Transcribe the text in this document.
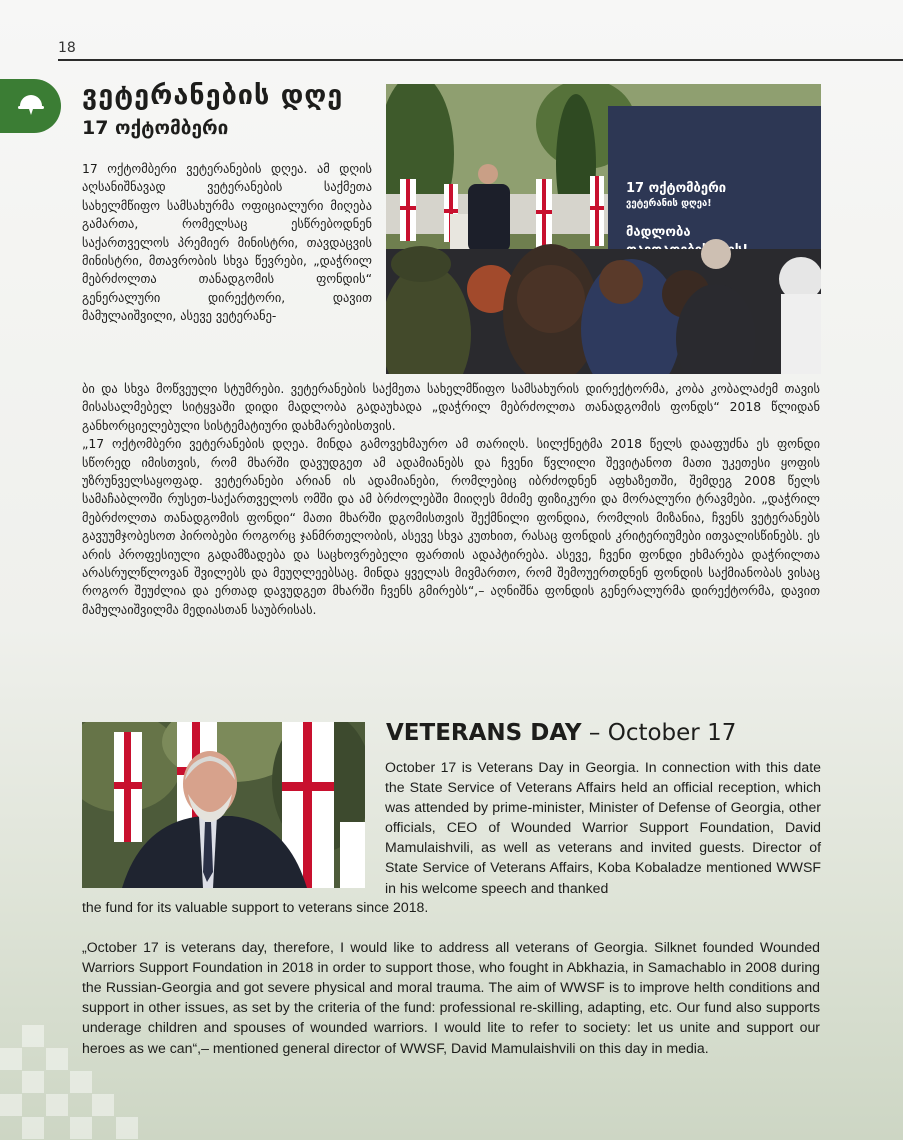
18
ვეტერანების დღე
17 ოქტომბერი
17 ოქტომბერი
ვეტერანის დღეა!
მადლობა
17 ოქტომბერი ვეტერანების დღეა. ამ დღის აღსანიშნავად ვეტერანების საქმეთა სახელმწიფო სამსახურმა ოფიციალური მიღება გამართა, რომელსაც ესწრებოდნენ საქართველოს პრემიერ მინისტრი, თავდაცვის მინისტრი, მთავრობის სხვა წევრები, „დაჭრილ მებრძოლთა თანადგომის ფონდის“ გენერალური დირექტორი, დავით მამულაიშვილი, ასევე ვეტერანე-

ბი და სხვა მოწვეული სტუმრები. ვეტერანების საქმეთა სახელმწიფო სამსახურის დირექტორმა, კობა კობალაძემ თავის მისასალმებელ სიტყვაში დიდი მადლობა გადაუხადა „დაჭრილ მებრძოლთა თანადგომის ფონდს“ 2018 წლიდან განხორციელებული სისტემატიური დახმარებისთვის.

„17 ოქტომბერი ვეტერანების დღეა. მინდა გამოვეხმაურო ამ თარიღს. სილქნეტმა 2018 წელს დააფუძნა ეს ფონდი სწორედ იმისთვის, რომ მხარში დავუდგეთ ამ ადამიანებს და ჩვენი წვლილი შევიტანოთ მათი უკეთესი ყოფის უზრუნველსაყოფად. ვეტერანები არიან ის ადამიანები, რომლებიც იბრძოდნენ აფხაზეთში, შემდეგ 2008 წელს სამაჩაბლოში რუსეთ-საქართველოს ომში და ამ ბრძოლებში მიიღეს მძიმე ფიზიკური და მორალური ტრავმები. „დაჭრილ მებრძოლთა თანადგომის ფონდი“ მათი მხარში დგომისთვის შექმნილი ფონდია, რომლის მიზანია, ჩვენს ვეტერანებს გავუუმჯობესოთ პირობები როგორც ჯანმრთელობის, ასევე სხვა კუთხით, რასაც ფონდის კრიტერიუმები ითვალისწინებს. ეს არის პროფესიული გადამზადება და საცხოვრებელი ფართის ადაპტირება. ასევე, ჩვენი ფონდი ეხმარება დაჭრილთა არასრულწლოვან შვილებს და მეუღლეებსაც. მინდა ყველას მივმართო, რომ შემოუერთდნენ ფონდის საქმიანობას ვისაც როგორ შეუძლია და ერთად დავუდგეთ მხარში ჩვენს გმირებს“,– აღნიშნა ფონდის გენერალურმა დირექტორმა, დავით მამულაიშვილმა მედიასთან საუბრისას.

VETERANS DAY – October 17
October 17 is Veterans Day in Georgia. In connection with this date the State Service of Veterans Affairs held an official reception, which was attended by prime-minister, Minister of Defense of Georgia, other officials, CEO of Wounded Warrior Support Foundation, David Mamulaishvili, as well as veterans and invited guests. Director of State Service of Veterans Affairs, Koba Kobaladze mentioned WWSF in his welcome speech and thanked

the fund for its valuable support to veterans since 2018.

„October 17 is veterans day, therefore, I would like to address all veterans of Georgia. Silknet founded Wounded Warriors Support Foundation in 2018 in order to support those, who fought in Abkhazia, in Samachablo in 2008 during the Russian-Georgia and got severe physical and moral trauma. The aim of WWSF is to improve helth conditions and support in other issues, as set by the criteria of the fund: professional re-skilling, adapting, etc. Our fund also supports underage children and spouses of wounded warriors. I would lite to refer to society: let us unite and support our heroes as we can“,– mentioned general director of WWSF, David Mamulaishvili on this day in media.
